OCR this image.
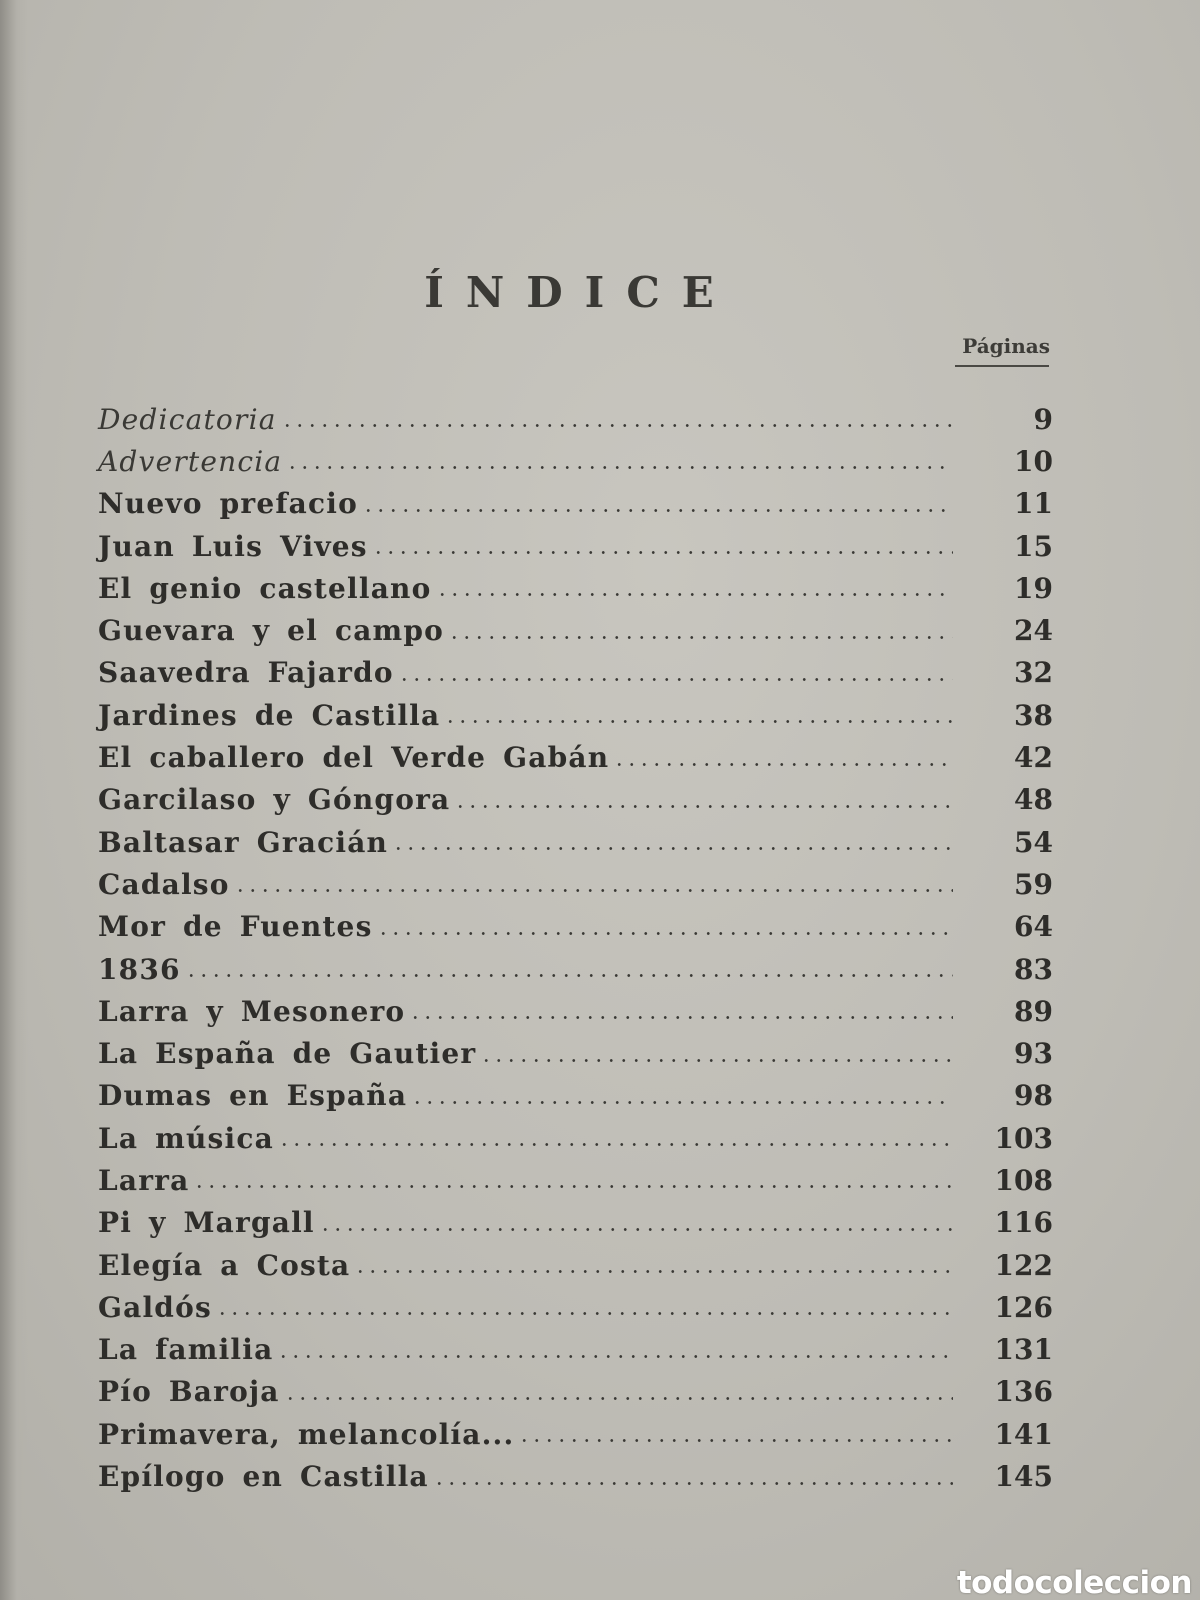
ÍNDICE
Páginas
Dedicatoria	9
Advertencia	10
Nuevo prefacio	11
Juan Luis Vives	15
El genio castellano	19
Guevara y el campo	24
Saavedra Fajardo	32
Jardines de Castilla	38
El caballero del Verde Gabán	42
Garcilaso y Góngora	48
Baltasar Gracián	54
Cadalso	59
Mor de Fuentes	64
1836	83
Larra y Mesonero	89
La España de Gautier	93
Dumas en España	98
La música	103
Larra	108
Pi y Margall	116
Elegía a Costa	122
Galdós	126
La familia	131
Pío Baroja	136
Primavera, melancolía...	141
Epílogo en Castilla	145
todocoleccion
